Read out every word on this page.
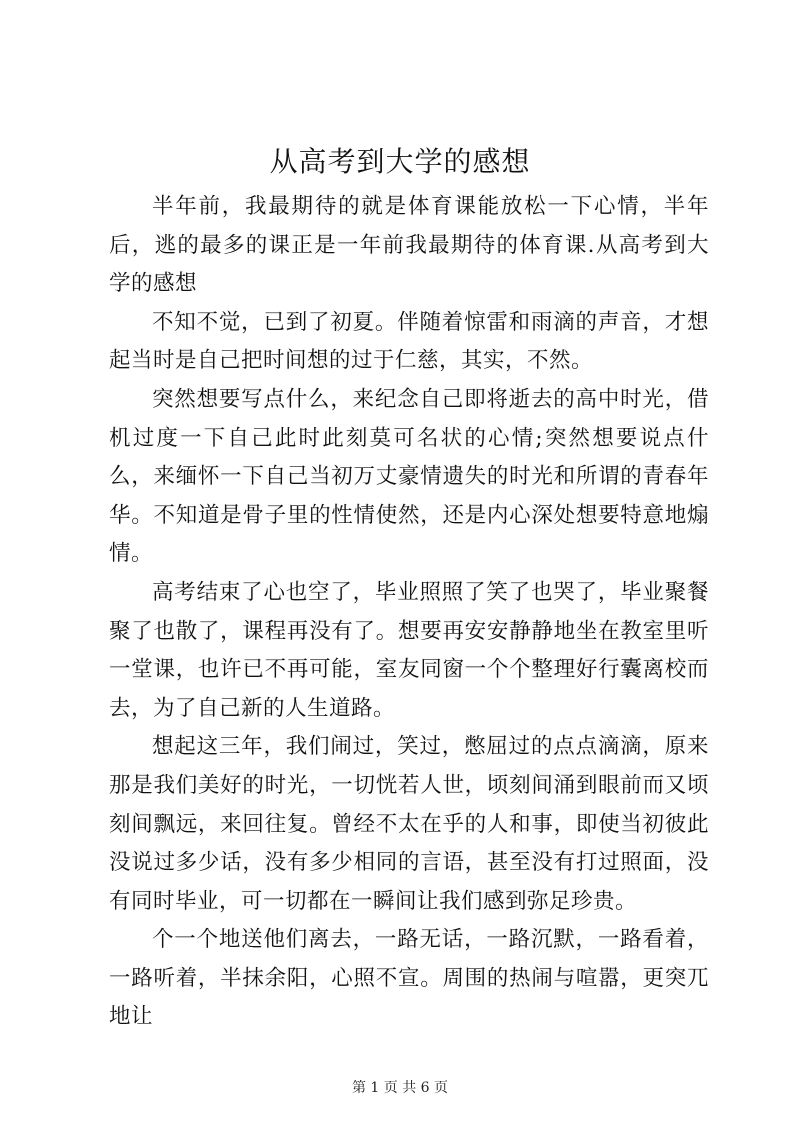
从高考到大学的感想

半年前，我最期待的就是体育课能放松一下心情，半年后，逃的最多的课正是一年前我最期待的体育课.从高考到大学的感想

不知不觉，已到了初夏。伴随着惊雷和雨滴的声音，才想起当时是自己把时间想的过于仁慈，其实，不然。

突然想要写点什么，来纪念自己即将逝去的高中时光，借机过度一下自己此时此刻莫可名状的心情;突然想要说点什么，来缅怀一下自己当初万丈豪情遗失的时光和所谓的青春年华。不知道是骨子里的性情使然，还是内心深处想要特意地煽情。

高考结束了心也空了，毕业照照了笑了也哭了，毕业聚餐聚了也散了，课程再没有了。想要再安安静静地坐在教室里听一堂课，也许已不再可能，室友同窗一个个整理好行囊离校而去，为了自己新的人生道路。

想起这三年，我们闹过，笑过，憋屈过的点点滴滴，原来那是我们美好的时光，一切恍若人世，顷刻间涌到眼前而又顷刻间飘远，来回往复。曾经不太在乎的人和事，即使当初彼此没说过多少话，没有多少相同的言语，甚至没有打过照面，没有同时毕业，可一切都在一瞬间让我们感到弥足珍贵。

个一个地送他们离去，一路无话，一路沉默，一路看着，一路听着，半抹余阳，心照不宣。周围的热闹与喧嚣，更突兀地让

第 1 页 共 6 页
